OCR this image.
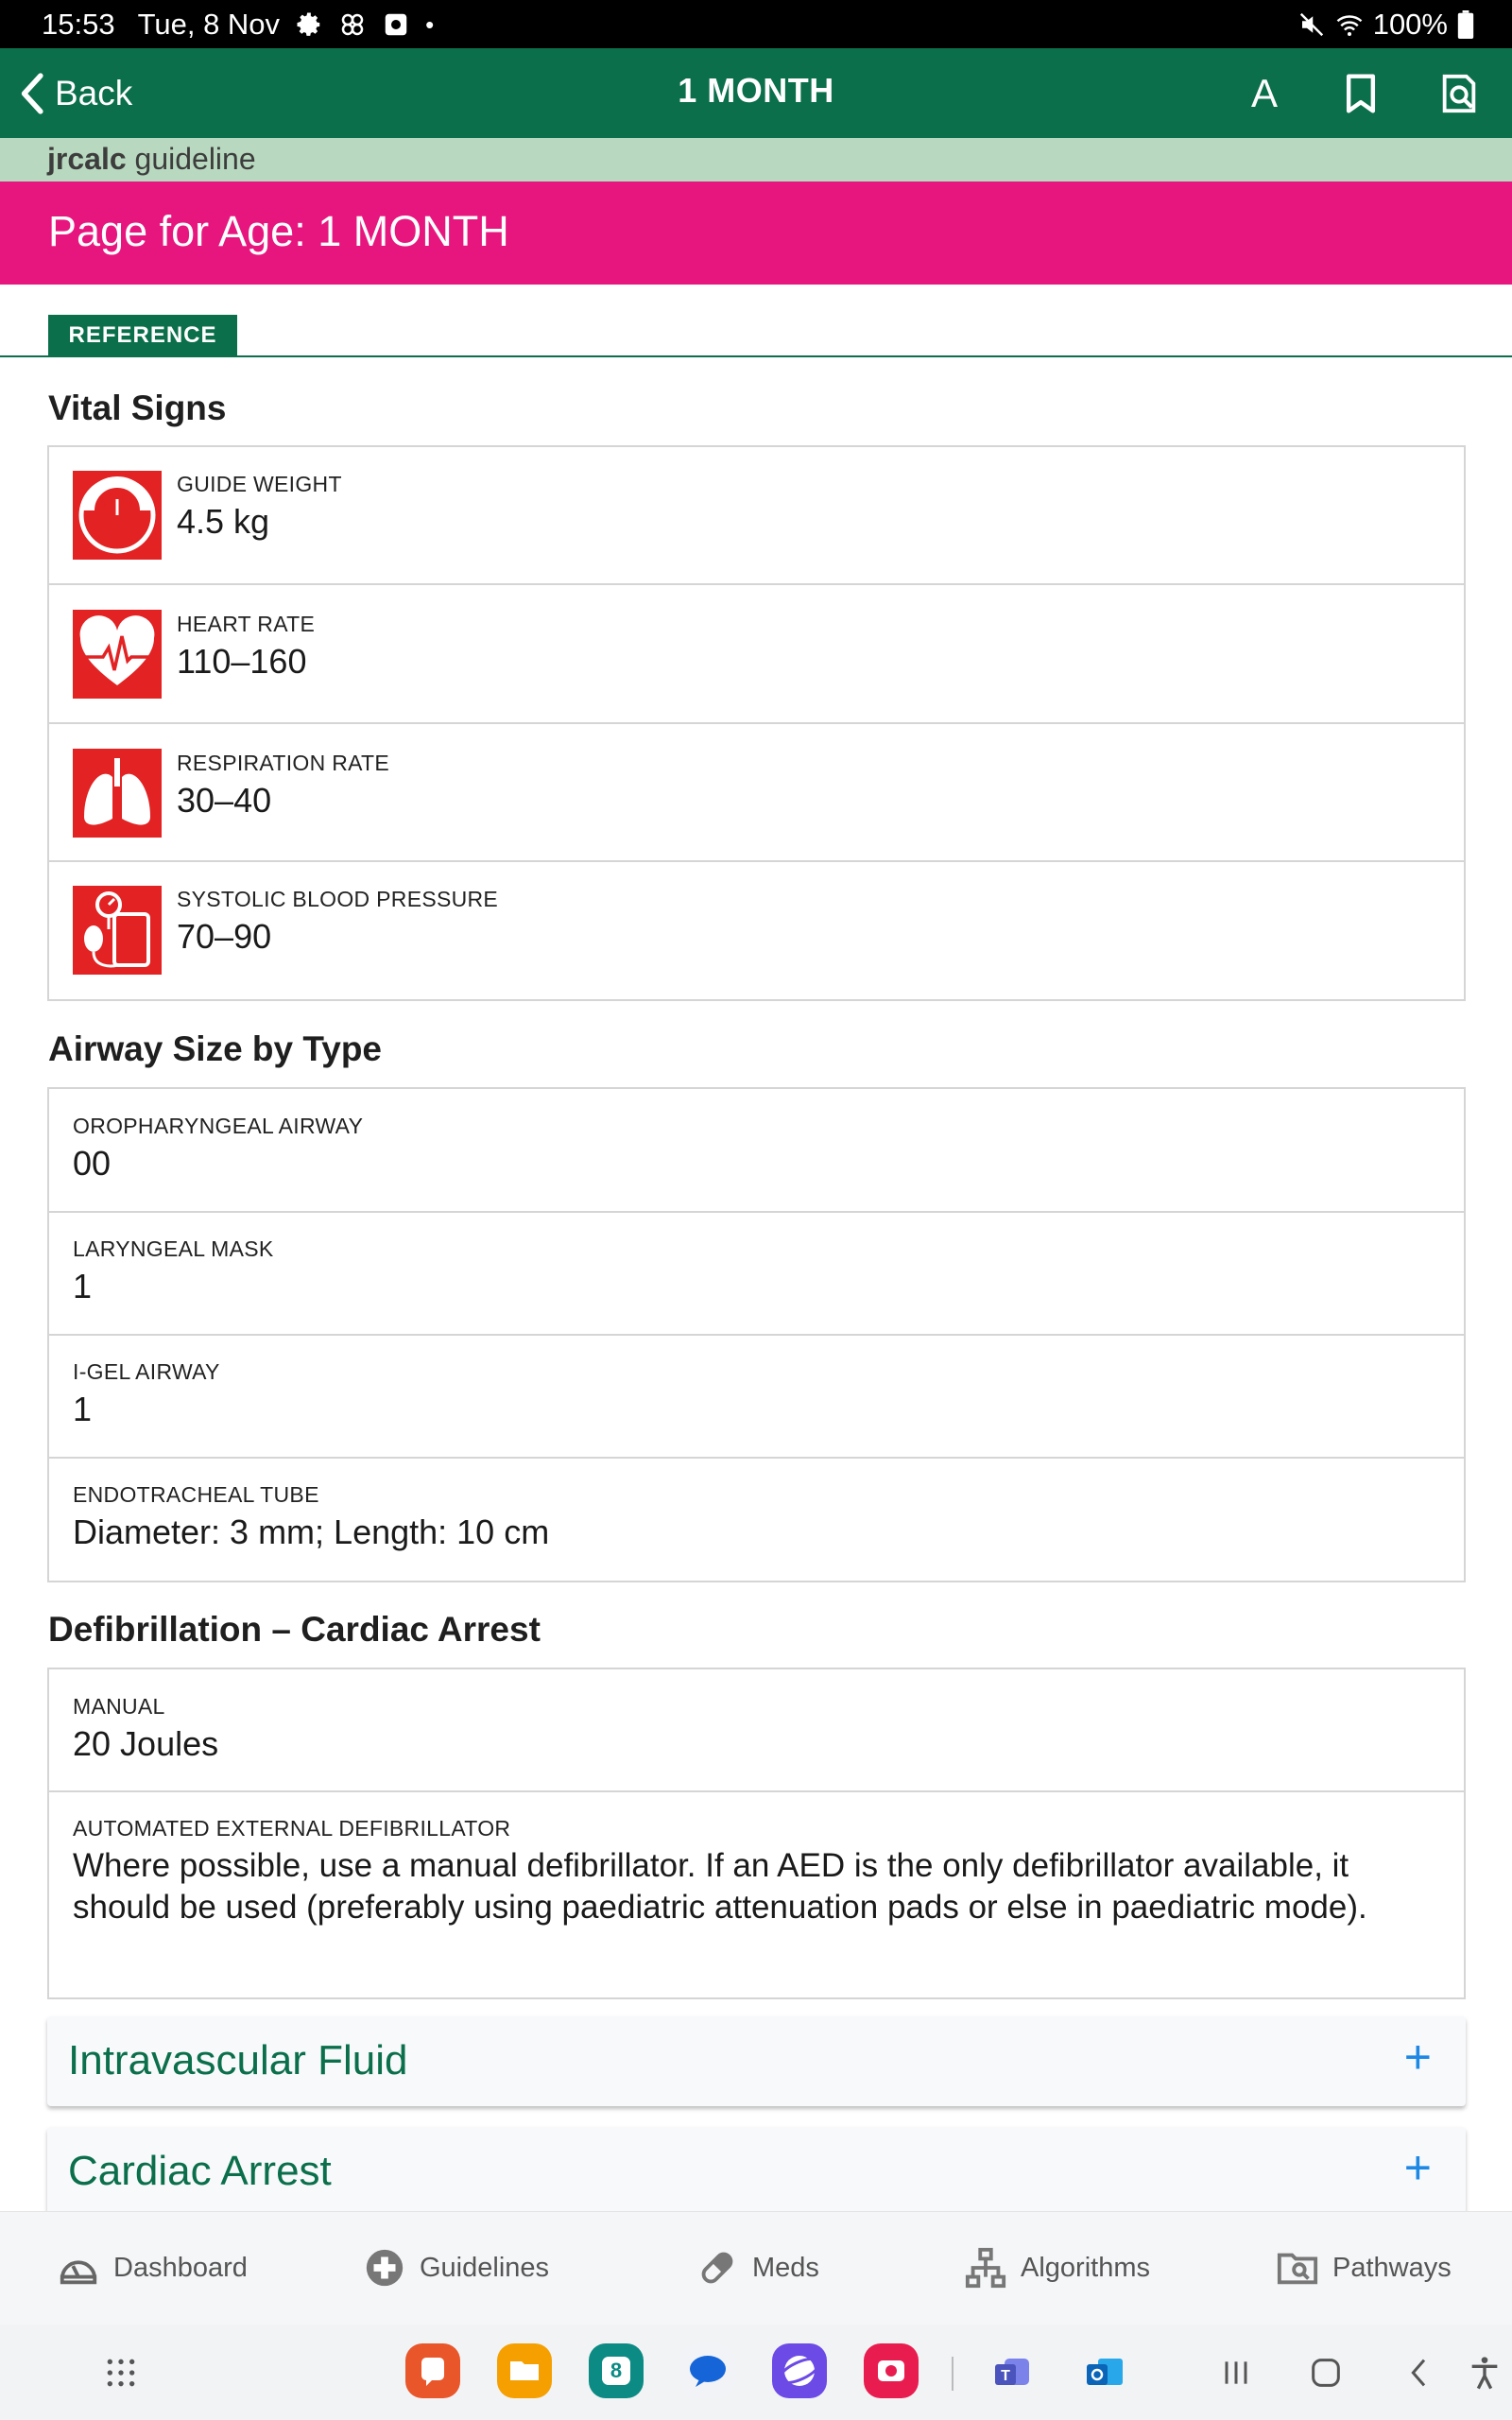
15:53 Tue, 8 Nov	•	100%
Back	1 MONTH	A
jrcalc guideline
Page for Age: 1 MONTH
REFERENCE
Vital Signs
GUIDE WEIGHT
4.5 kg
HEART RATE
110–160
RESPIRATION RATE
30–40
SYSTOLIC BLOOD PRESSURE
70–90
Airway Size by Type
OROPHARYNGEAL AIRWAY
00
LARYNGEAL MASK
1
I-GEL AIRWAY
1
ENDOTRACHEAL TUBE
Diameter: 3 mm; Length: 10 cm
Defibrillation – Cardiac Arrest
MANUAL
20 Joules
AUTOMATED EXTERNAL DEFIBRILLATOR
Where possible, use a manual defibrillator. If an AED is the only defibrillator available, it should be used (preferably using paediatric attenuation pads or else in paediatric mode).
Intravascular Fluid	+
Cardiac Arrest	+
Dashboard	Guidelines	Meds	Algorithms	Pathways
8	T
